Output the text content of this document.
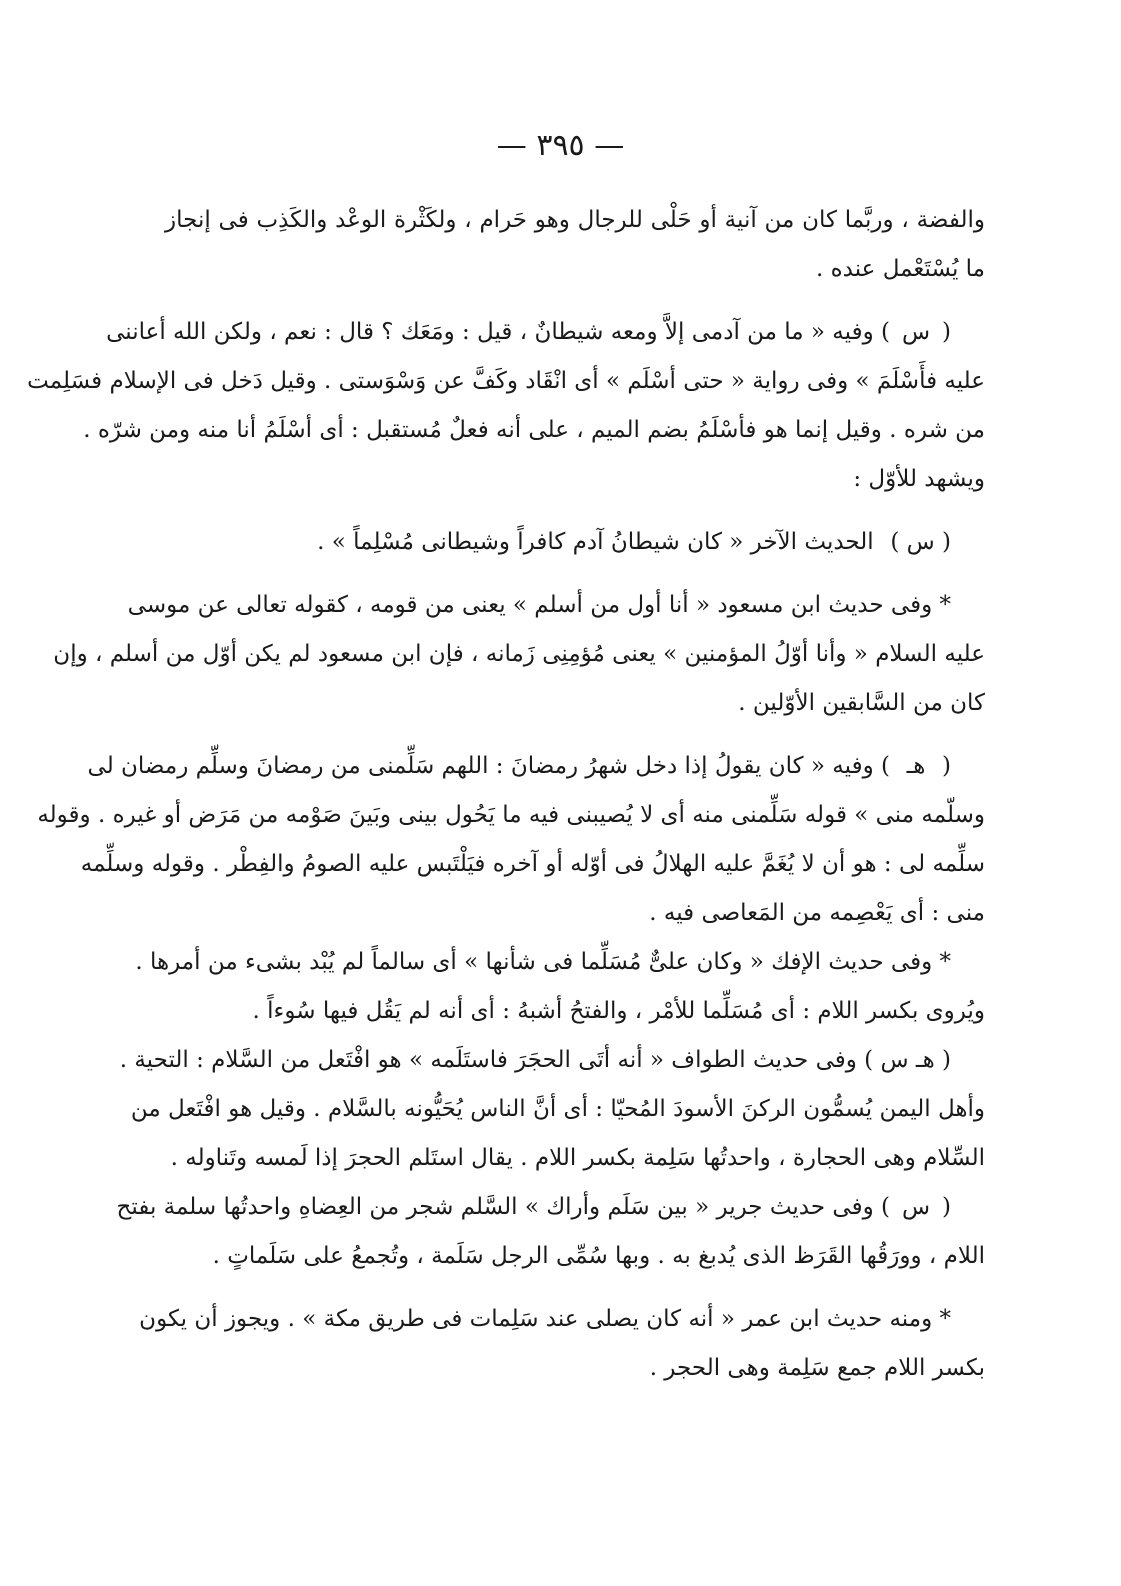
— ٣٩٥ —
والفضة ، وربَّما كان من آنية أو حَلْى للرجال وهو حَرام ، ولكَثْرة الوعْد والكَذِب فى إنجاز
ما يُسْتَعْمل عنده .
( س ) وفيه « ما من آدمى إلاَّ ومعه شيطانٌ ، قيل : ومَعَك ؟ قال : نعم ، ولكن الله أعاننى
عليه فأَسْلَمَ » وفى رواية « حتى أسْلَم » أى انْقَاد وكَفَّ عن وَسْوَستى . وقيل دَخل فى الإسلام فسَلِمت
من شره . وقيل إنما هو فأسْلَمُ بضم الميم ، على أنه فعلٌ مُستقبل : أى أسْلَمُ أنا منه ومن شرّه .
ويشهد للأوّل :
( س ) الحديث الآخر « كان شيطانُ آدم كافراً وشيطانى مُسْلِماً » .
* وفى حديث ابن مسعود « أنا أول من أسلم » يعنى من قومه ، كقوله تعالى عن موسى
عليه السلام « وأنا أوّلُ المؤمنين » يعنى مُؤمِنِى زَمانه ، فإن ابن مسعود لم يكن أوّل من أسلم ، وإن
كان من السَّابقين الأوّلين .
( هـ ) وفيه « كان يقولُ إذا دخل شهرُ رمضانَ : اللهم سَلِّمنى من رمضانَ وسلِّم رمضان لى
وسلّمه منى » قوله سَلِّمنى منه أى لا يُصيبنى فيه ما يَحُول بينى وبَينَ صَوْمه من مَرَض أو غيره . وقوله
سلِّمه لى : هو أن لا يُغَمَّ عليه الهلالُ فى أوّله أو آخره فيَلْتَبس عليه الصومُ والفِطْر . وقوله وسلِّمه
منى : أى يَعْصِمه من المَعاصى فيه .
* وفى حديث الإفك « وكان علىٌّ مُسَلِّما فى شأنها » أى سالماً لم يُبْد بشىء من أمرها .
ويُروى بكسر اللام : أى مُسَلِّما للأمْر ، والفتحُ أشبهُ : أى أنه لم يَقُل فيها سُوءاً .
( هـ س ) وفى حديث الطواف « أنه أتَى الحجَرَ فاستَلَمه » هو افْتَعل من السَّلام : التحية .
وأهل اليمن يُسمُّون الركنَ الأسودَ المُحيّا : أى أنَّ الناس يُحَيُّونه بالسَّلام . وقيل هو افْتَعل من
السِّلام وهى الحجارة ، واحدتُها سَلِمة بكسر اللام . يقال استَلم الحجرَ إذا لَمسه وتَناوله .
( س ) وفى حديث جرير « بين سَلَم وأراك » السَّلم شجر من العِضاهِ واحدتُها سلمة بفتح
اللام ، وورَقُها القَرَظ الذى يُدبغ به . وبها سُمِّى الرجل سَلَمة ، وتُجمعُ على سَلَماتٍ .
* ومنه حديث ابن عمر « أنه كان يصلى عند سَلِمات فى طريق مكة » . ويجوز أن يكون
بكسر اللام جمع سَلِمة وهى الحجر .
